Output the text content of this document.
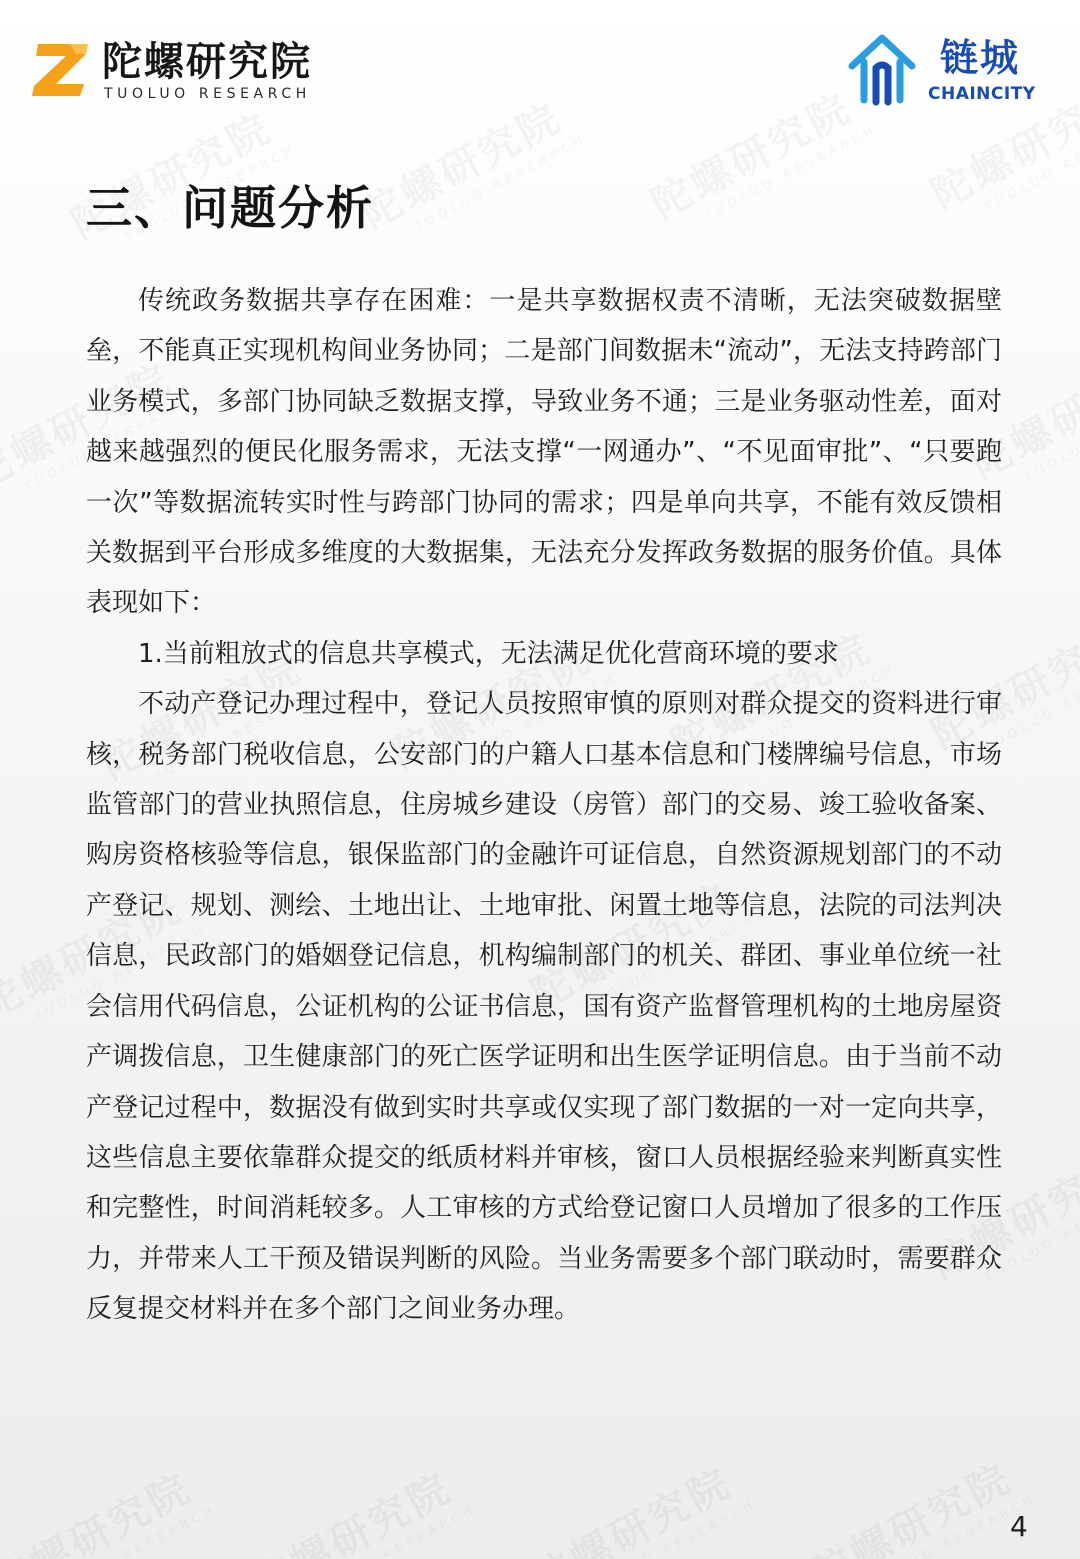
陀螺研究院
TUOLUO RESEARCH
链城
CHAINCITY
三、问题分析

传统政务数据共享存在困难：一是共享数据权责不清晰，无法突破数据壁垒，不能真正实现机构间业务协同；二是部门间数据未“流动”，无法支持跨部门业务模式，多部门协同缺乏数据支撑，导致业务不通；三是业务驱动性差，面对越来越强烈的便民化服务需求，无法支撑“一网通办”、“不见面审批”、“只要跑一次”等数据流转实时性与跨部门协同的需求；四是单向共享，不能有效反馈相关数据到平台形成多维度的大数据集，无法充分发挥政务数据的服务价值。具体表现如下：

1.当前粗放式的信息共享模式，无法满足优化营商环境的要求

不动产登记办理过程中，登记人员按照审慎的原则对群众提交的资料进行审核，税务部门税收信息，公安部门的户籍人口基本信息和门楼牌编号信息，市场监管部门的营业执照信息，住房城乡建设（房管）部门的交易、竣工验收备案、购房资格核验等信息，银保监部门的金融许可证信息，自然资源规划部门的不动产登记、规划、测绘、土地出让、土地审批、闲置土地等信息，法院的司法判决信息，民政部门的婚姻登记信息，机构编制部门的机关、群团、事业单位统一社会信用代码信息，公证机构的公证书信息，国有资产监督管理机构的土地房屋资产调拨信息，卫生健康部门的死亡医学证明和出生医学证明信息。由于当前不动产登记过程中，数据没有做到实时共享或仅实现了部门数据的一对一定向共享，这些信息主要依靠群众提交的纸质材料并审核，窗口人员根据经验来判断真实性和完整性，时间消耗较多。人工审核的方式给登记窗口人员增加了很多的工作压力，并带来人工干预及错误判断的风险。当业务需要多个部门联动时，需要群众反复提交材料并在多个部门之间业务办理。

4
